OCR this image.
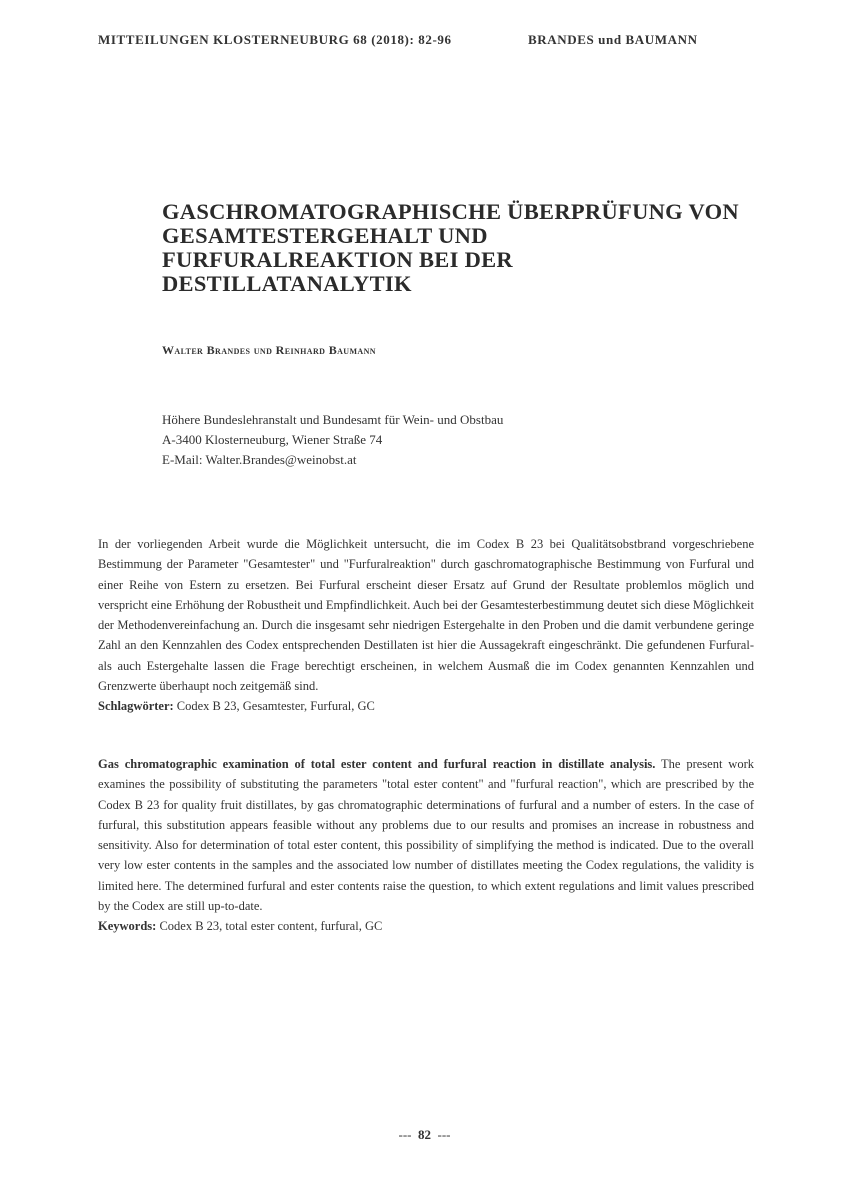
MITTEILUNGEN KLOSTERNEUBURG 68 (2018): 82-96	BRANDES und BAUMANN
GASCHROMATOGRAPHISCHE ÜBERPRÜFUNG VON GESAMTESTERGEHALT UND FURFURALREAKTION BEI DER DESTILLATANALYTIK
Walter Brandes und Reinhard Baumann
Höhere Bundeslehranstalt und Bundesamt für Wein- und Obstbau
A-3400 Klosterneuburg, Wiener Straße 74
E-Mail: Walter.Brandes@weinobst.at

In der vorliegenden Arbeit wurde die Möglichkeit untersucht, die im Codex B 23 bei Qualitätsobstbrand vorgeschriebene Bestimmung der Parameter "Gesamtester" und "Furfuralreaktion" durch gaschromatographische Bestimmung von Furfural und einer Reihe von Estern zu ersetzen. Bei Furfural erscheint dieser Ersatz auf Grund der Resultate problemlos möglich und verspricht eine Erhöhung der Robustheit und Empfindlichkeit. Auch bei der Gesamtesterbestimmung deutet sich diese Möglichkeit der Methodenvereinfachung an. Durch die insgesamt sehr niedrigen Estergehalte in den Proben und die damit verbundene geringe Zahl an den Kennzahlen des Codex entsprechenden Destillaten ist hier die Aussagekraft eingeschränkt. Die gefundenen Furfural- als auch Estergehalte lassen die Frage berechtigt erscheinen, in welchem Ausmaß die im Codex genannten Kennzahlen und Grenzwerte überhaupt noch zeitgemäß sind.

Schlagwörter: Codex B 23, Gesamtester, Furfural, GC

Gas chromatographic examination of total ester content and furfural reaction in distillate analysis. The present work examines the possibility of substituting the parameters "total ester content" and "furfural reaction", which are prescribed by the Codex B 23 for quality fruit distillates, by gas chromatographic determinations of furfural and a number of esters. In the case of furfural, this substitution appears feasible without any problems due to our results and promises an increase in robustness and sensitivity. Also for determination of total ester content, this possibility of simplifying the method is indicated. Due to the overall very low ester contents in the samples and the associated low number of distillates meeting the Codex regulations, the validity is limited here. The determined furfural and ester contents raise the question, to which extent regulations and limit values prescribed by the Codex are still up-to-date.

Keywords: Codex B 23, total ester content, furfural, GC
--- 82 ---
